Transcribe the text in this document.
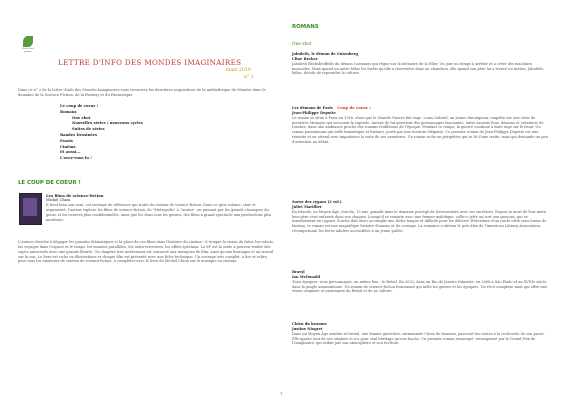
Ecole d'une galaxie
LETTRE D'INFO DES MONDES IMAGINAIRES
mars 2010
n° 2
Dans ce n° 2 de la lettre d'info des Mondes Imaginaires vous trouverez les dernières acquisitions de la médiathèque de Mondor dans le domaine de la Science Fiction, de la Fantasy et du Fantastique.
Le coup de coeur !
Romans
One shot
Nouvelles séries / nouveaux cycles
Suites de séries
Bandes Dessinées
Essais
Cinéma
Et aussi...
L'avez-vous lu !
LE COUP DE COEUR !
Les films de science-fiction
Michel Chion
Il tient bien son nom, cet ouvrage de référence qui traite du cinéma de science-fiction. Dans ce gros volume, clair et argumenté, l'auteur explore les films de science-fiction, de "Metropolis" à "Avatar", en passant par les grands classiques du genre et les oeuvres plus confidentielles, ainsi que les dans tous les genres, des films à grand spectacle aux productions plus modestes.
L'auteur cherche à dégager les grandes thématiques et la place de ces films dans l'histoire du cinéma ; il évoque la vision du futur, les robots, les voyages dans l'espace et le temps, les mondes parallèles, les extra-terrestres, les effets spéciaux. La SF est la seule à pouvoir traiter des sujets universels avec une grande liberté. Un chapitre très intéressant est consacré aux musiques de film, ainsi qu'aux bruitages et au travail sur le son. Le livre est riche en illustrations et chaque film est présenté avec une fiche technique. Un ouvrage très complet, à lire et relire, pour tous les amateurs de cinéma de science-fiction, à compléter avec le livre de Michel Chion sur la musique au cinéma.
ROMANS
One shot
Jabuleth, le démon de Gutenberg
Cline Becker
Jabuleth Bechshteffelle du démon Carnanus qui règne sur la mémoire de la Eller. Un jour un temps à arrêter et à créer des machines musicales. Mais quand un autre hélas les forêts qu'elle a traversées dans un chaudron, elle quand son père lui a trouvé un métier, Jabuleth, hélas, décide de reprendre la culture.
Les démons de Paris Coup de coeur !
Jean-Philippe Depotte
Le roman se situe à Paris en 1916, alors que la Grande Guerre fait rage. Louis Gabriel, un jeune chroniqueur, enquête sur une série de meurtres étranges qui secouent la capitale. Autour de lui gravitent des personnages fascinants, entre savants fous, démons et créatures de l'ombre, dans une ambiance proche des romans feuilletons de l'époque. Pendant ce temps, la guerre continue à faire rage sur le front. Un roman passionnant qui mêle fantastique et histoire, porté par une écriture élégante. Ce premier roman de Jean-Philippe Depotte est une réussite et on attend avec impatience la suite de ses aventures. Un roman riche en péripéties qui se lit d'une traite, mais qui demande un peu d'attention au début.
Soeur des cygnes (2 vol.)
Juliet Marillier
En Irlande, au Moyen Âge, Sorcha, 13 ans, grandit dans le domaine protégé de Sevenwaters avec ses six frères. Depuis la mort de leur mère, leur père s'est enfermé dans son chagrin. Lorsqu'il se remarie avec une femme maléfique, celle-ci jette un sort aux garçons, qui se transforment en cygnes. Sorcha doit alors accomplir une tâche longue et difficile pour les délivrer. Réécriture d'un conte celte sous forme de fantasy, ce roman est une magnifique histoire d'amour et de courage. La romance a obtenu le prix Alex de l'American Library Association, récompensant les livres adultes accessibles à un jeune public.
Bravyl
Ian McDonald
Trois époques, trois personnages, un même lieu : le Brésil. En 2032, dans un Rio de Janeiro futuriste, en 2006 à São Paulo et au XVIIIe siècle dans la jungle amazonienne. Un roman de science-fiction foisonnant qui mêle les genres et les époques. Un récit complexe mais qui offre une vision originale et saisissante du Brésil et de sa culture.
Chien du heaume
Justine Niogret
Dans un Moyen Âge sombre et brutal, une femme guerrière, surnommée Chien du heaume, parcourt les routes à la recherche de son passé. Elle ignore tout de ses origines et n'a pour seul héritage qu'une hache. Un premier roman remarqué, récompensé par le Grand Prix de l'Imaginaire, qui séduit par son atmosphère et son écriture.
1
